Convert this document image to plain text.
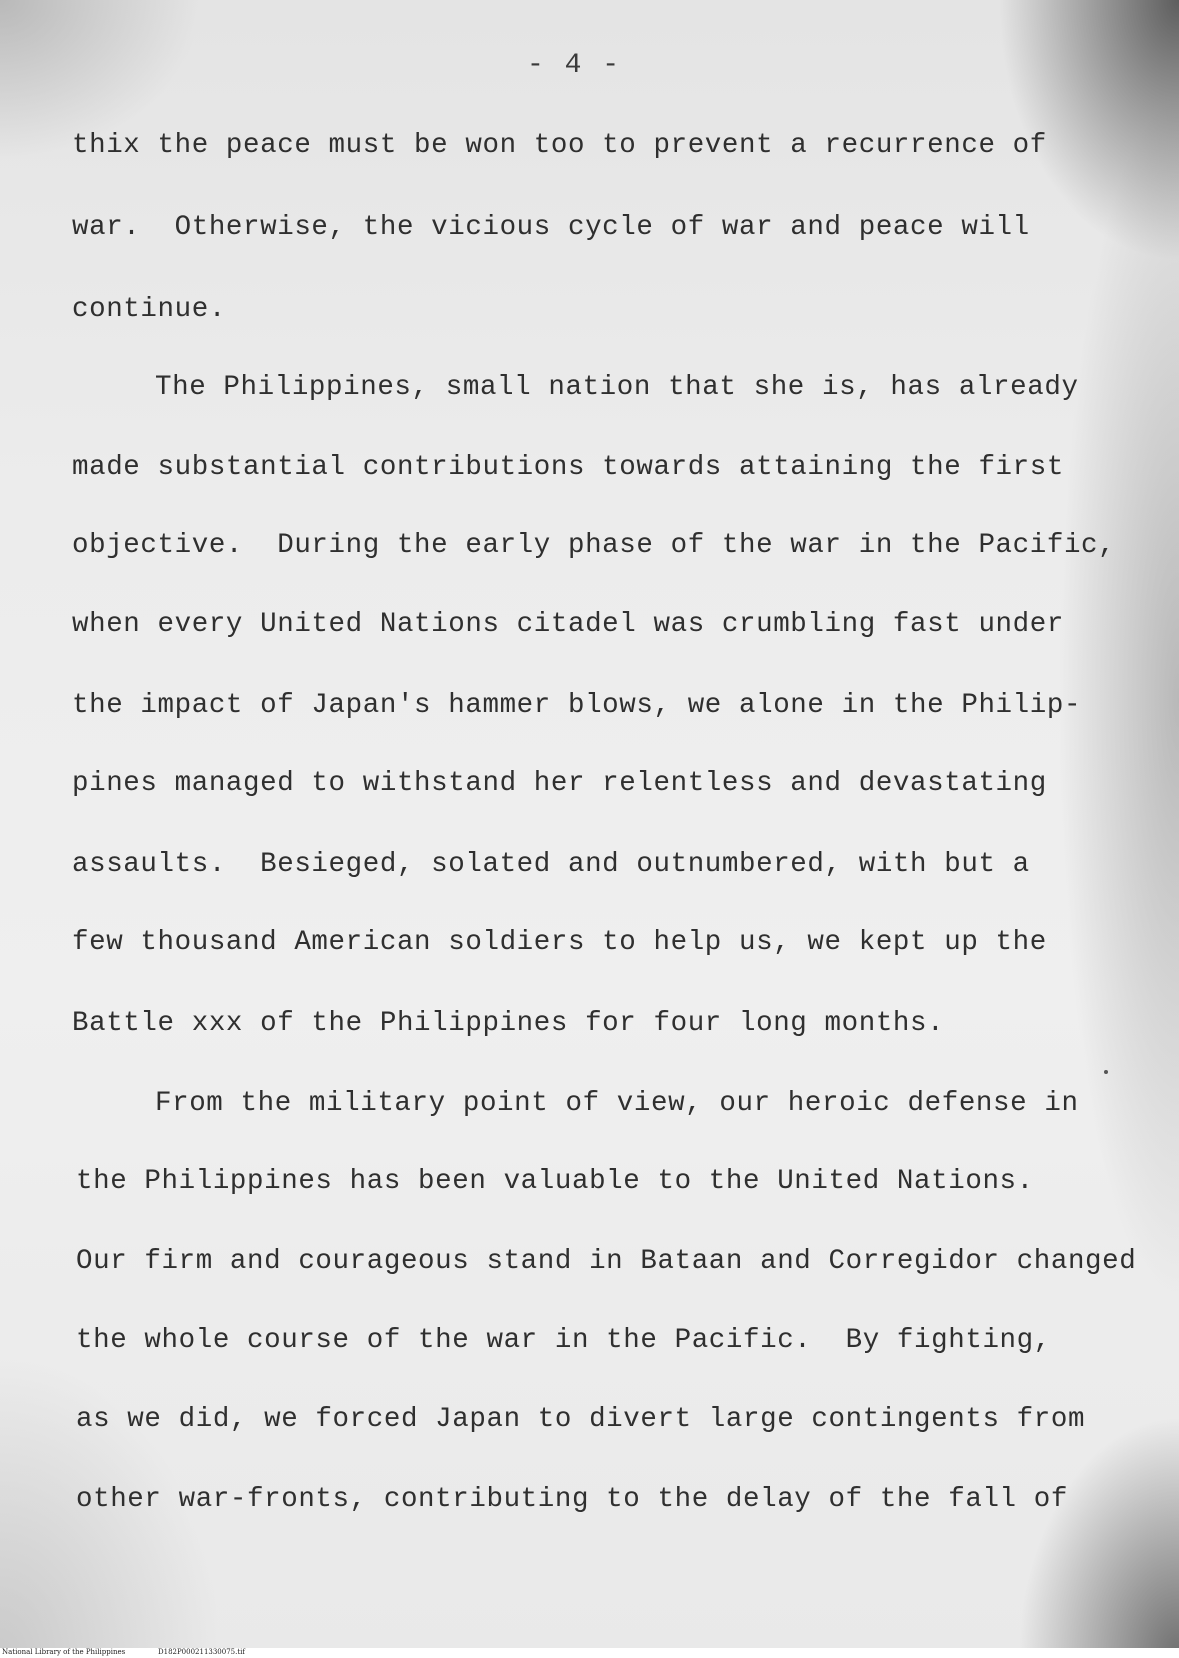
- 4 -
thix the peace must be won too to prevent a recurrence of
war.  Otherwise, the vicious cycle of war and peace will
continue.
The Philippines, small nation that she is, has already
made substantial contributions towards attaining the first
objective.  During the early phase of the war in the Pacific,
when every United Nations citadel was crumbling fast under
the impact of Japan's hammer blows, we alone in the Philip-
pines managed to withstand her relentless and devastating
assaults.  Besieged, solated and outnumbered, with but a
few thousand American soldiers to help us, we kept up the
Battle xxx of the Philippines for four long months.
From the military point of view, our heroic defense in
the Philippines has been valuable to the United Nations.
Our firm and courageous stand in Bataan and Corregidor changed
the whole course of the war in the Pacific.  By fighting,
as we did, we forced Japan to divert large contingents from
other war-fronts, contributing to the delay of the fall of
National Library of the Philippines	D182P000211330075.tif
